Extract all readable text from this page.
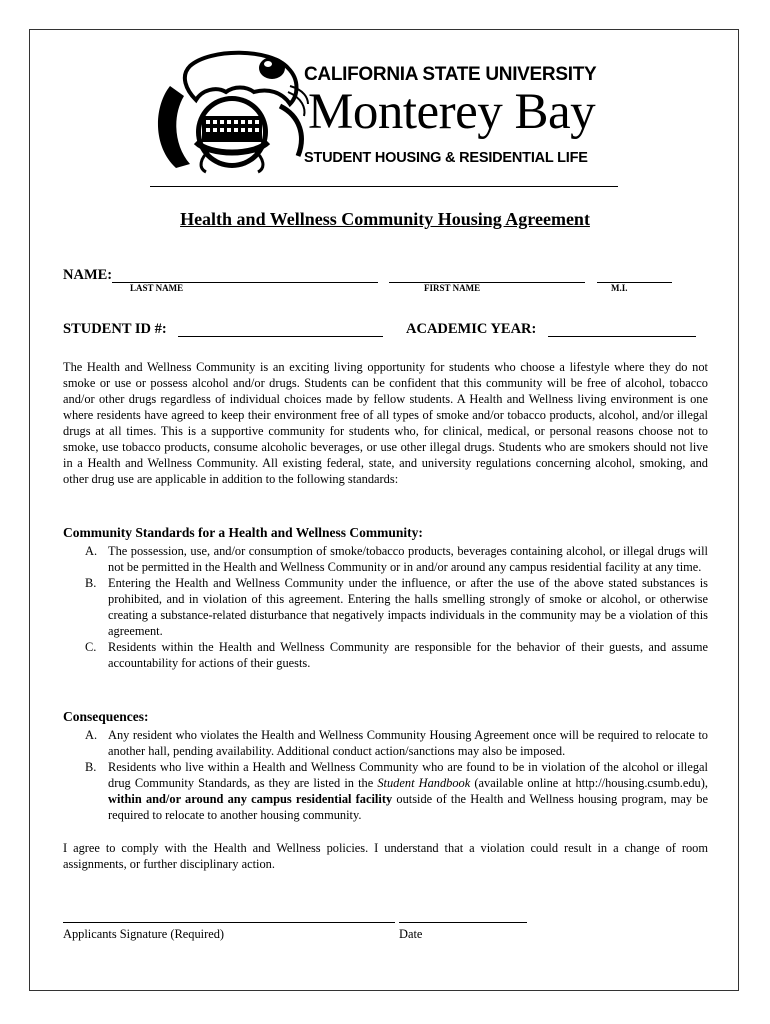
CALIFORNIA STATE UNIVERSITY
Monterey Bay
STUDENT HOUSING & RESIDENTIAL LIFE
Health and Wellness Community Housing Agreement
NAME:
LAST NAME	FIRST NAME	M.I.
STUDENT ID #:	ACADEMIC YEAR:

The Health and Wellness Community is an exciting living opportunity for students who choose a lifestyle where they do not smoke or use or possess alcohol and/or drugs. Students can be confident that this community will be free of alcohol, tobacco and/or other drugs regardless of individual choices made by fellow students. A Health and Wellness living environment is one where residents have agreed to keep their environment free of all types of smoke and/or tobacco products, alcohol, and/or illegal drugs at all times. This is a supportive community for students who, for clinical, medical, or personal reasons choose not to smoke, use tobacco products, consume alcoholic beverages, or use other illegal drugs. Students who are smokers should not live in a Health and Wellness Community. All existing federal, state, and university regulations concerning alcohol, smoking, and other drug use are applicable in addition to the following standards:

Community Standards for a Health and Wellness Community:
A. The possession, use, and/or consumption of smoke/tobacco products, beverages containing alcohol, or illegal drugs will not be permitted in the Health and Wellness Community or in and/or around any campus residential facility at any time.
B. Entering the Health and Wellness Community under the influence, or after the use of the above stated substances is prohibited, and in violation of this agreement. Entering the halls smelling strongly of smoke or alcohol, or otherwise creating a substance-related disturbance that negatively impacts individuals in the community may be a violation of this agreement.
C. Residents within the Health and Wellness Community are responsible for the behavior of their guests, and assume accountability for actions of their guests.
Consequences:
A. Any resident who violates the Health and Wellness Community Housing Agreement once will be required to relocate to another hall, pending availability. Additional conduct action/sanctions may also be imposed.
B. Residents who live within a Health and Wellness Community who are found to be in violation of the alcohol or illegal drug Community Standards, as they are listed in the Student Handbook (available online at http://housing.csumb.edu), within and/or around any campus residential facility outside of the Health and Wellness housing program, may be required to relocate to another housing community.

I agree to comply with the Health and Wellness policies. I understand that a violation could result in a change of room assignments, or further disciplinary action.

Applicants Signature (Required)	Date
